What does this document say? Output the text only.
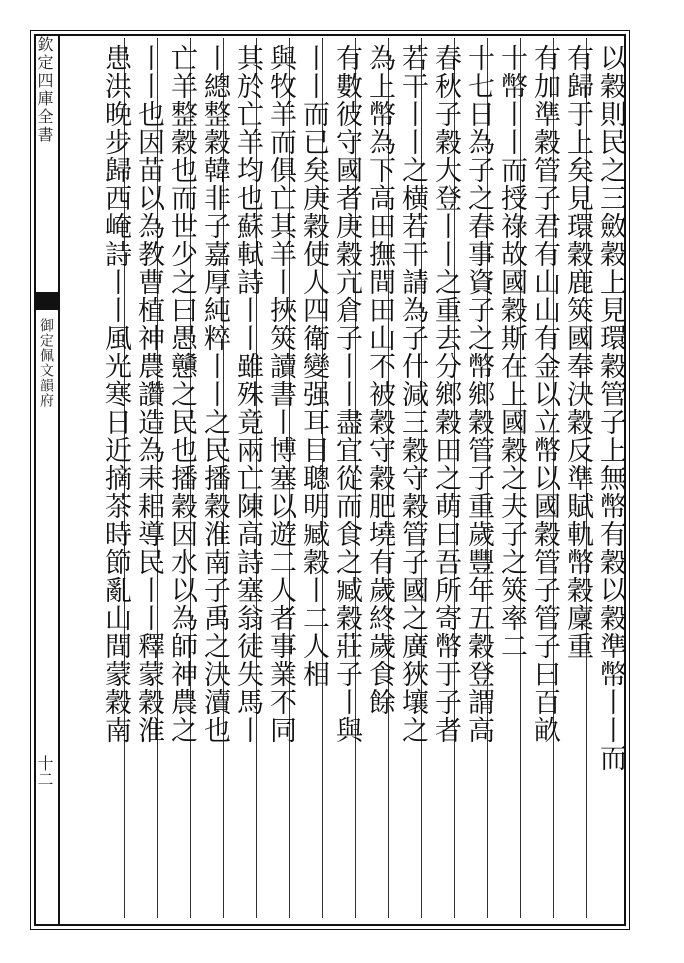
欽定四庫全書
御定佩文韻府
十二	以穀則民之三斂穀上見環穀管子上無幣有穀以穀準幣丨丨而
有歸于上矣見環穀鹿筴國奉決穀反準賦軌幣穀廩重
有加準穀管子君有山山有金以立幣以國穀管子管子曰百畝
十幣丨丨而授祿故國穀斯在上國穀之夫子之筴率二
十七日為子之春事資子之幣鄉穀管子重歲豐年五穀登謂高
春秋子穀大登丨丨之重去分鄉穀田之萌曰吾所寄幣于子者
若干丨丨之横若干請為子什減三穀守穀管子國之廣狹壤之
為上幣為下高田撫間田山不被穀守穀肥墝有歲終歲食餘
有數彼守國者庚穀亢倉子丨丨盡宜從而食之臧穀莊子丨與
丨丨而已矣庚穀使人四衛變强耳目聰明臧穀丨二人相
與牧羊而俱亡其羊丨挾筴讀書丨博塞以遊二人者事業不同
其於亡羊均也蘇軾詩丨丨雖殊竟兩亡陳高詩塞翁徒失馬丨
丨總整穀韓非子嘉厚純粹丨丨之民播穀淮南子禹之決瀆也
亡羊整穀也而世少之曰愚戇之民也播穀因水以為師神農之
丨丨也因苗以為教曹植神農讚造為耒耜導民丨丨釋蒙穀淮
患洪晚步歸西崦詩丨丨風光寒日近摘茶時節亂山間蒙穀南
